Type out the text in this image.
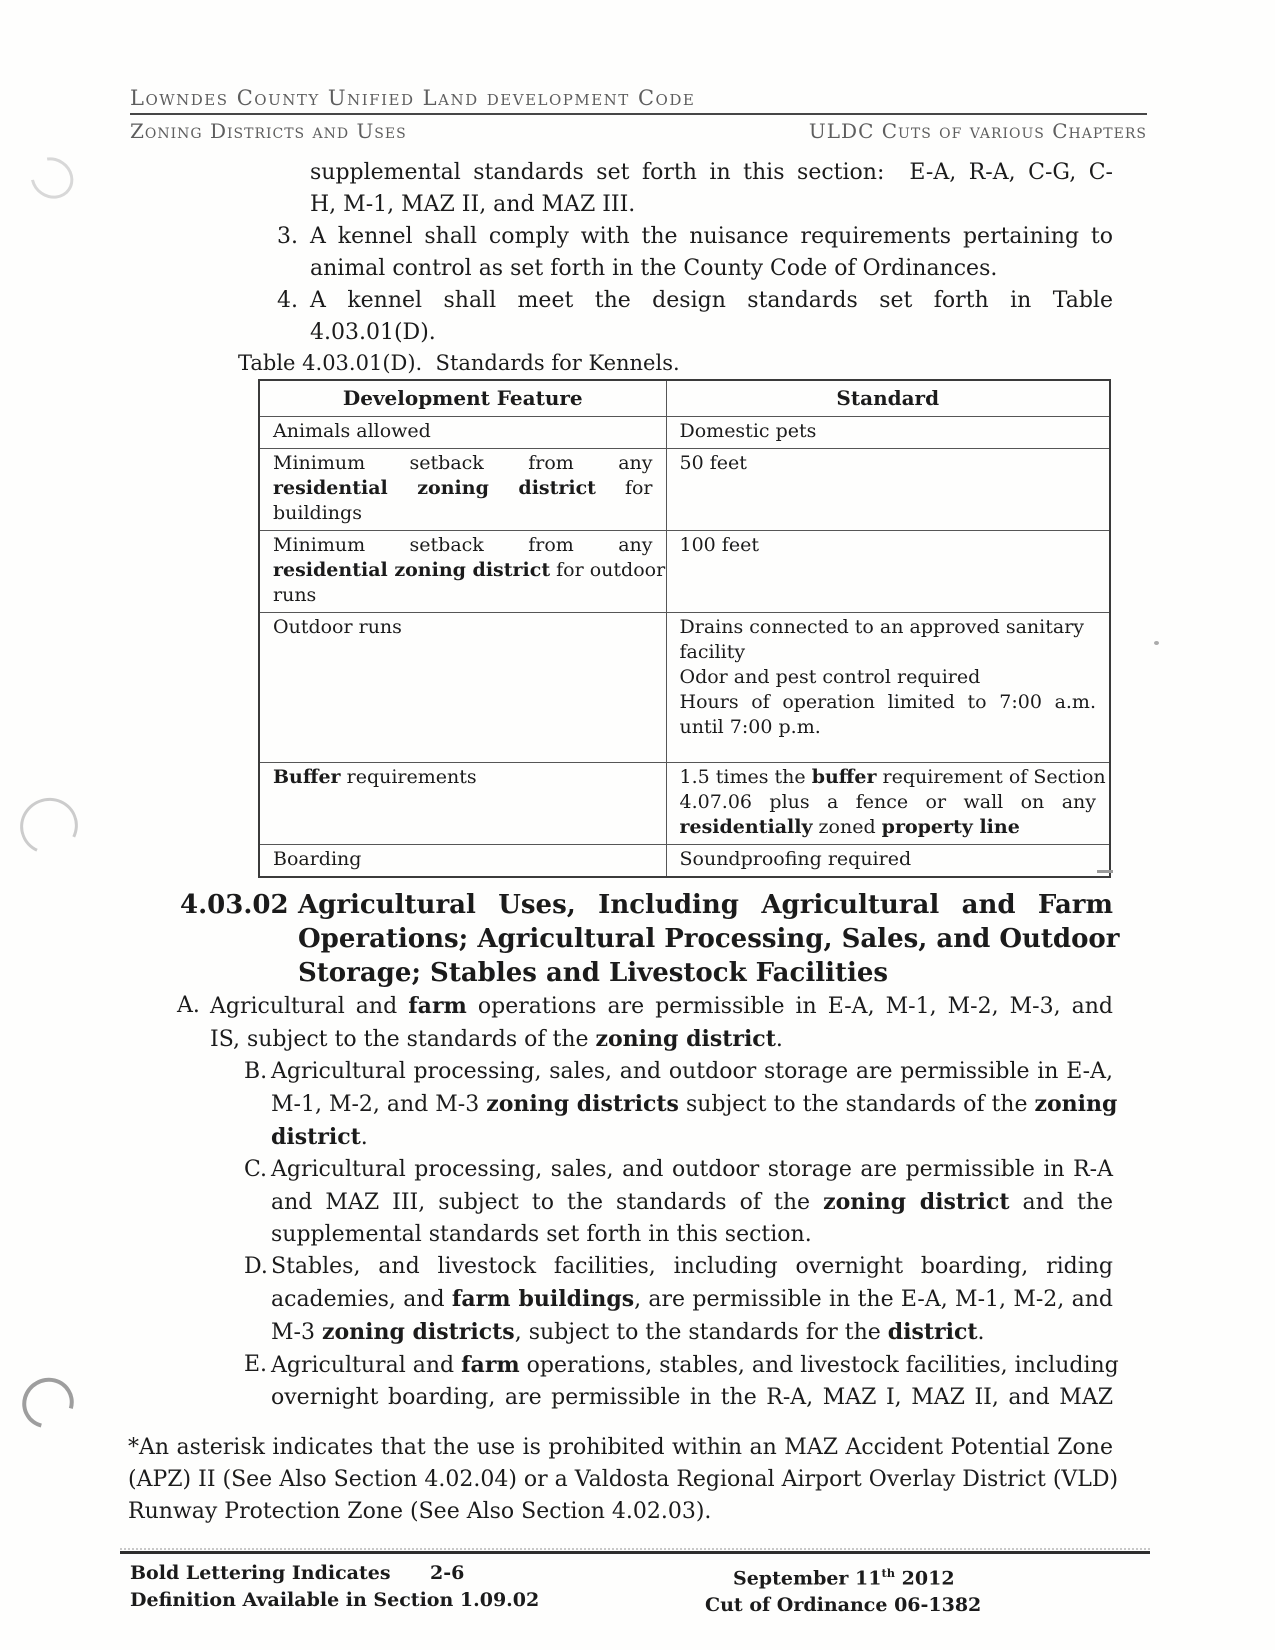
Lowndes County Unified Land development Code
Zoning Districts and Uses	ULDC Cuts of various Chapters
supplemental standards set forth in this section:  E-A, R-A, C-G, C-
H, M-1, MAZ II, and MAZ III.
3. A kennel shall comply with the nuisance requirements pertaining to
animal control as set forth in the County Code of Ordinances.
4. A kennel shall meet the design standards set forth in Table
4.03.01(D).
Table 4.03.01(D).  Standards for Kennels.
Development Feature	Standard

Animals allowed	Domestic pets

Minimum setback from any
residential zoning district for
buildings	50 feet

Minimum setback from any
residential zoning district for outdoor
runs	100 feet

Outdoor runs	Drains connected to an approved sanitary
facility
Odor and pest control required
Hours of operation limited to 7:00 a.m.
until 7:00 p.m.

Buffer requirements	1.5 times the buffer requirement of Section
4.07.06 plus a fence or wall on any
residentially zoned property line

Boarding	Soundproofing required
4.03.02 Agricultural Uses, Including Agricultural and Farm
Operations; Agricultural Processing, Sales, and Outdoor
Storage; Stables and Livestock Facilities
A. Agricultural and farm operations are permissible in E-A, M-1, M-2, M-3, and
IS, subject to the standards of the zoning district.
B. Agricultural processing, sales, and outdoor storage are permissible in E-A,
M-1, M-2, and M-3 zoning districts subject to the standards of the zoning
district.
C. Agricultural processing, sales, and outdoor storage are permissible in R-A
and MAZ III, subject to the standards of the zoning district and the
supplemental standards set forth in this section.
D. Stables, and livestock facilities, including overnight boarding, riding
academies, and farm buildings, are permissible in the E-A, M-1, M-2, and
M-3 zoning districts, subject to the standards for the district.
E. Agricultural and farm operations, stables, and livestock facilities, including
overnight boarding, are permissible in the R-A, MAZ I, MAZ II, and MAZ
*An asterisk indicates that the use is prohibited within an MAZ Accident Potential Zone
(APZ) II (See Also Section 4.02.04) or a Valdosta Regional Airport Overlay District (VLD)
Runway Protection Zone (See Also Section 4.02.03).
Bold Lettering Indicates	2-6
Definition Available in Section 1.09.02
September 11th 2012
Cut of Ordinance 06-1382
